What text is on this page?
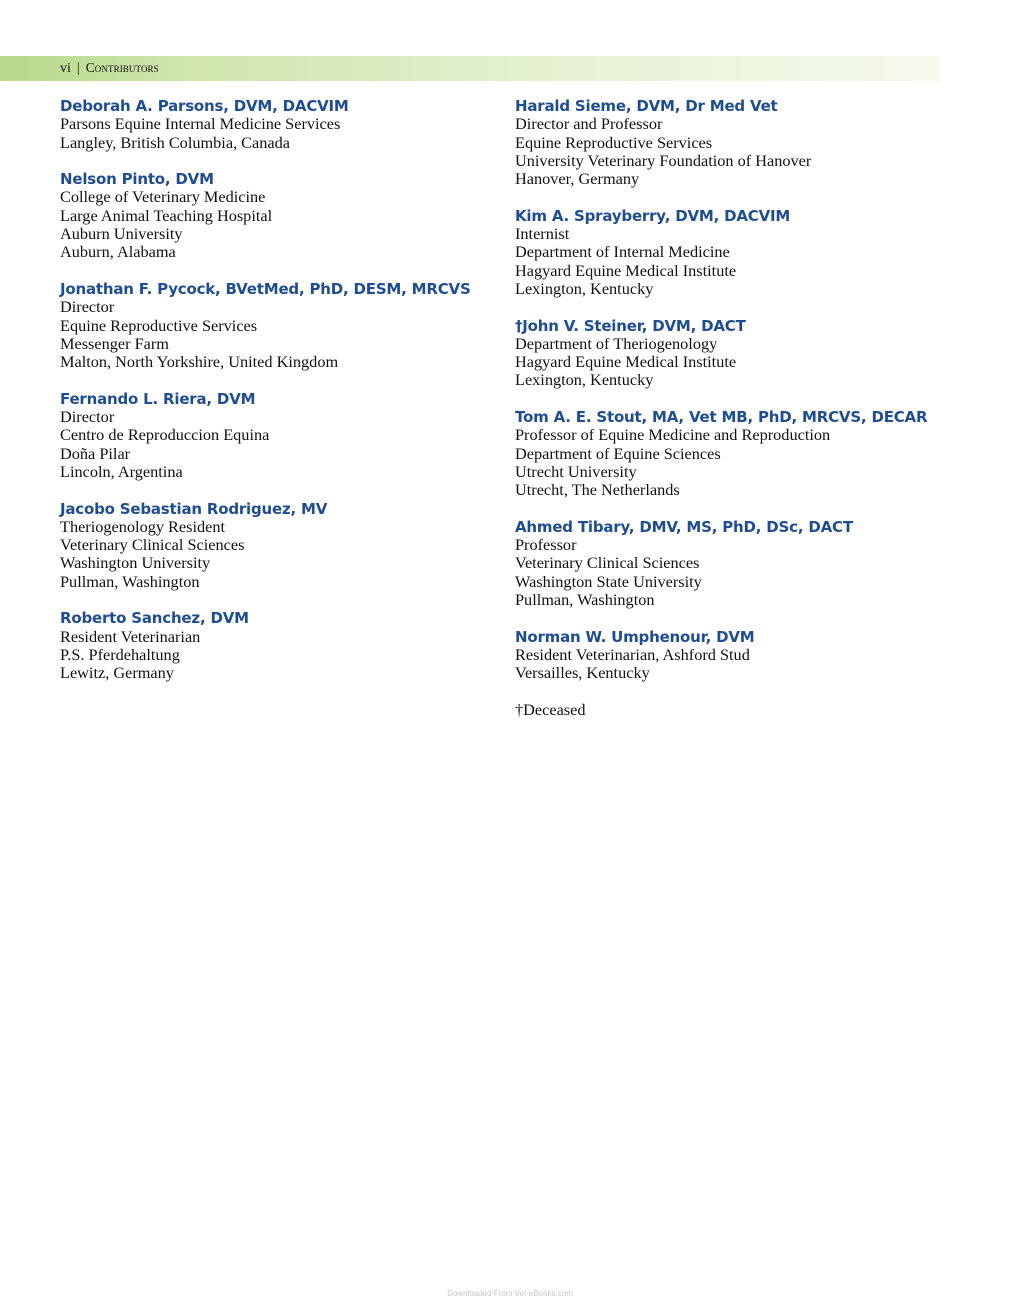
vi | Contributors
Deborah A. Parsons, DVM, DACVIM
Parsons Equine Internal Medicine Services
Langley, British Columbia, Canada
Nelson Pinto, DVM
College of Veterinary Medicine
Large Animal Teaching Hospital
Auburn University
Auburn, Alabama
Jonathan F. Pycock, BVetMed, PhD, DESM, MRCVS
Director
Equine Reproductive Services
Messenger Farm
Malton, North Yorkshire, United Kingdom
Fernando L. Riera, DVM
Director
Centro de Reproduccion Equina
Doña Pilar
Lincoln, Argentina
Jacobo Sebastian Rodriguez, MV
Theriogenology Resident
Veterinary Clinical Sciences
Washington University
Pullman, Washington
Roberto Sanchez, DVM
Resident Veterinarian
P.S. Pferdehaltung
Lewitz, Germany
Harald Sieme, DVM, Dr Med Vet
Director and Professor
Equine Reproductive Services
University Veterinary Foundation of Hanover
Hanover, Germany
Kim A. Sprayberry, DVM, DACVIM
Internist
Department of Internal Medicine
Hagyard Equine Medical Institute
Lexington, Kentucky
†John V. Steiner, DVM, DACT
Department of Theriogenology
Hagyard Equine Medical Institute
Lexington, Kentucky
Tom A. E. Stout, MA, Vet MB, PhD, MRCVS, DECAR
Professor of Equine Medicine and Reproduction
Department of Equine Sciences
Utrecht University
Utrecht, The Netherlands
Ahmed Tibary, DMV, MS, PhD, DSc, DACT
Professor
Veterinary Clinical Sciences
Washington State University
Pullman, Washington
Norman W. Umphenour, DVM
Resident Veterinarian, Ashford Stud
Versailles, Kentucky
†Deceased
Downloaded From Vet-eBooks.com
